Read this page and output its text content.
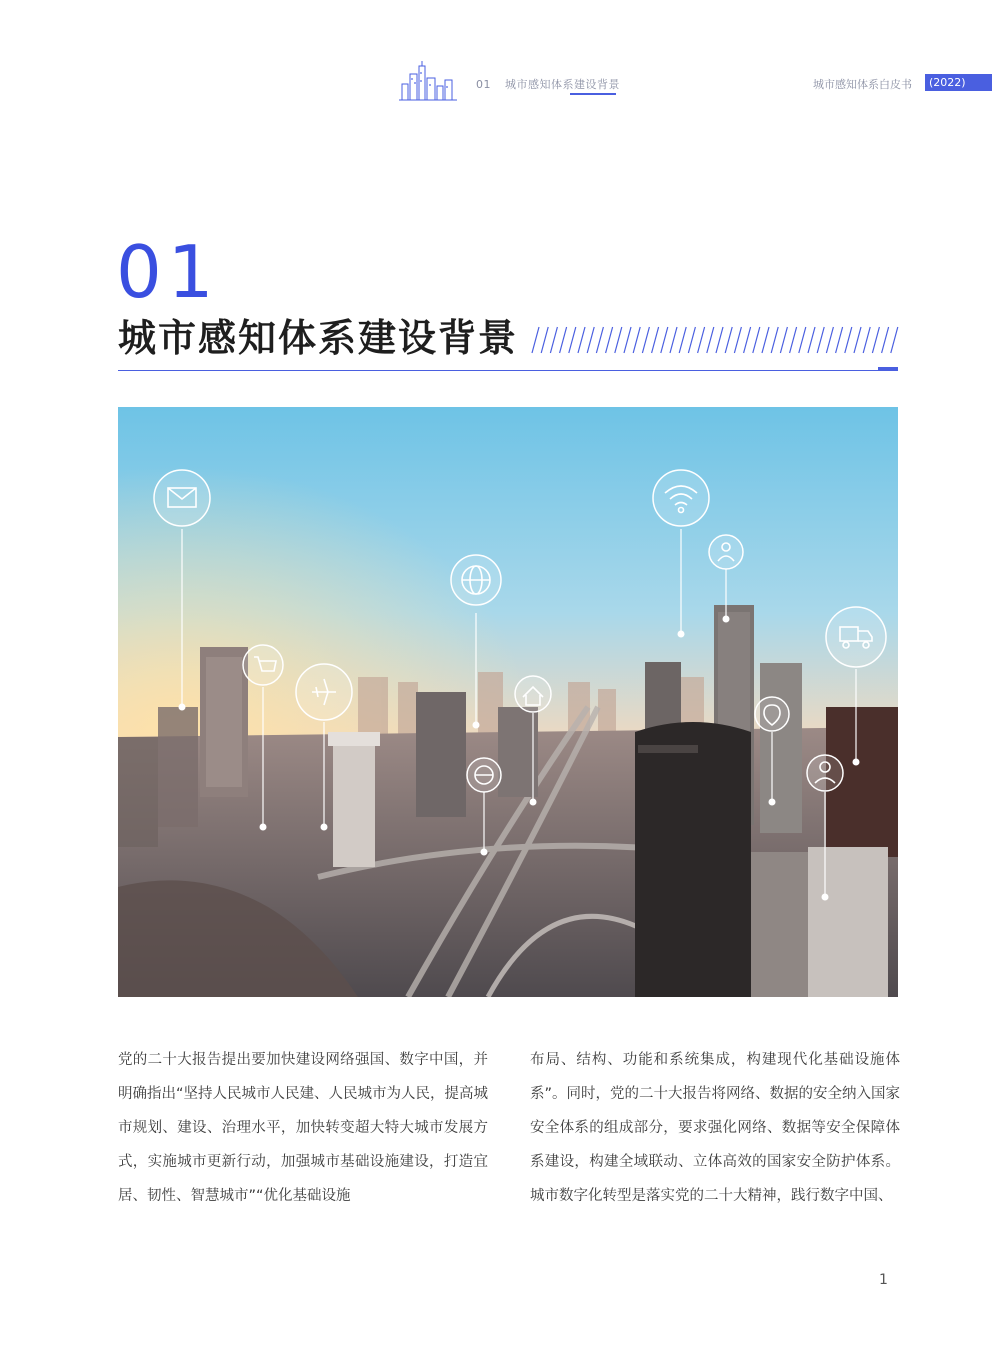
01 城市感知体系建设背景	城市感知体系白皮书	(2022)
01
城市感知体系建设背景
党的二十大报告提出要加快建设网络强国、数字中国，并明确指出“坚持人民城市人民建、人民城市为人民，提高城市规划、建设、治理水平，加快转变超大特大城市发展方式，实施城市更新行动，加强城市基础设施建设，打造宜居、韧性、智慧城市”“优化基础设施
布局、结构、功能和系统集成，构建现代化基础设施体系”。同时，党的二十大报告将网络、数据的安全纳入国家安全体系的组成部分，要求强化网络、数据等安全保障体系建设，构建全域联动、立体高效的国家安全防护体系。城市数字化转型是落实党的二十大精神，践行数字中国、
1
